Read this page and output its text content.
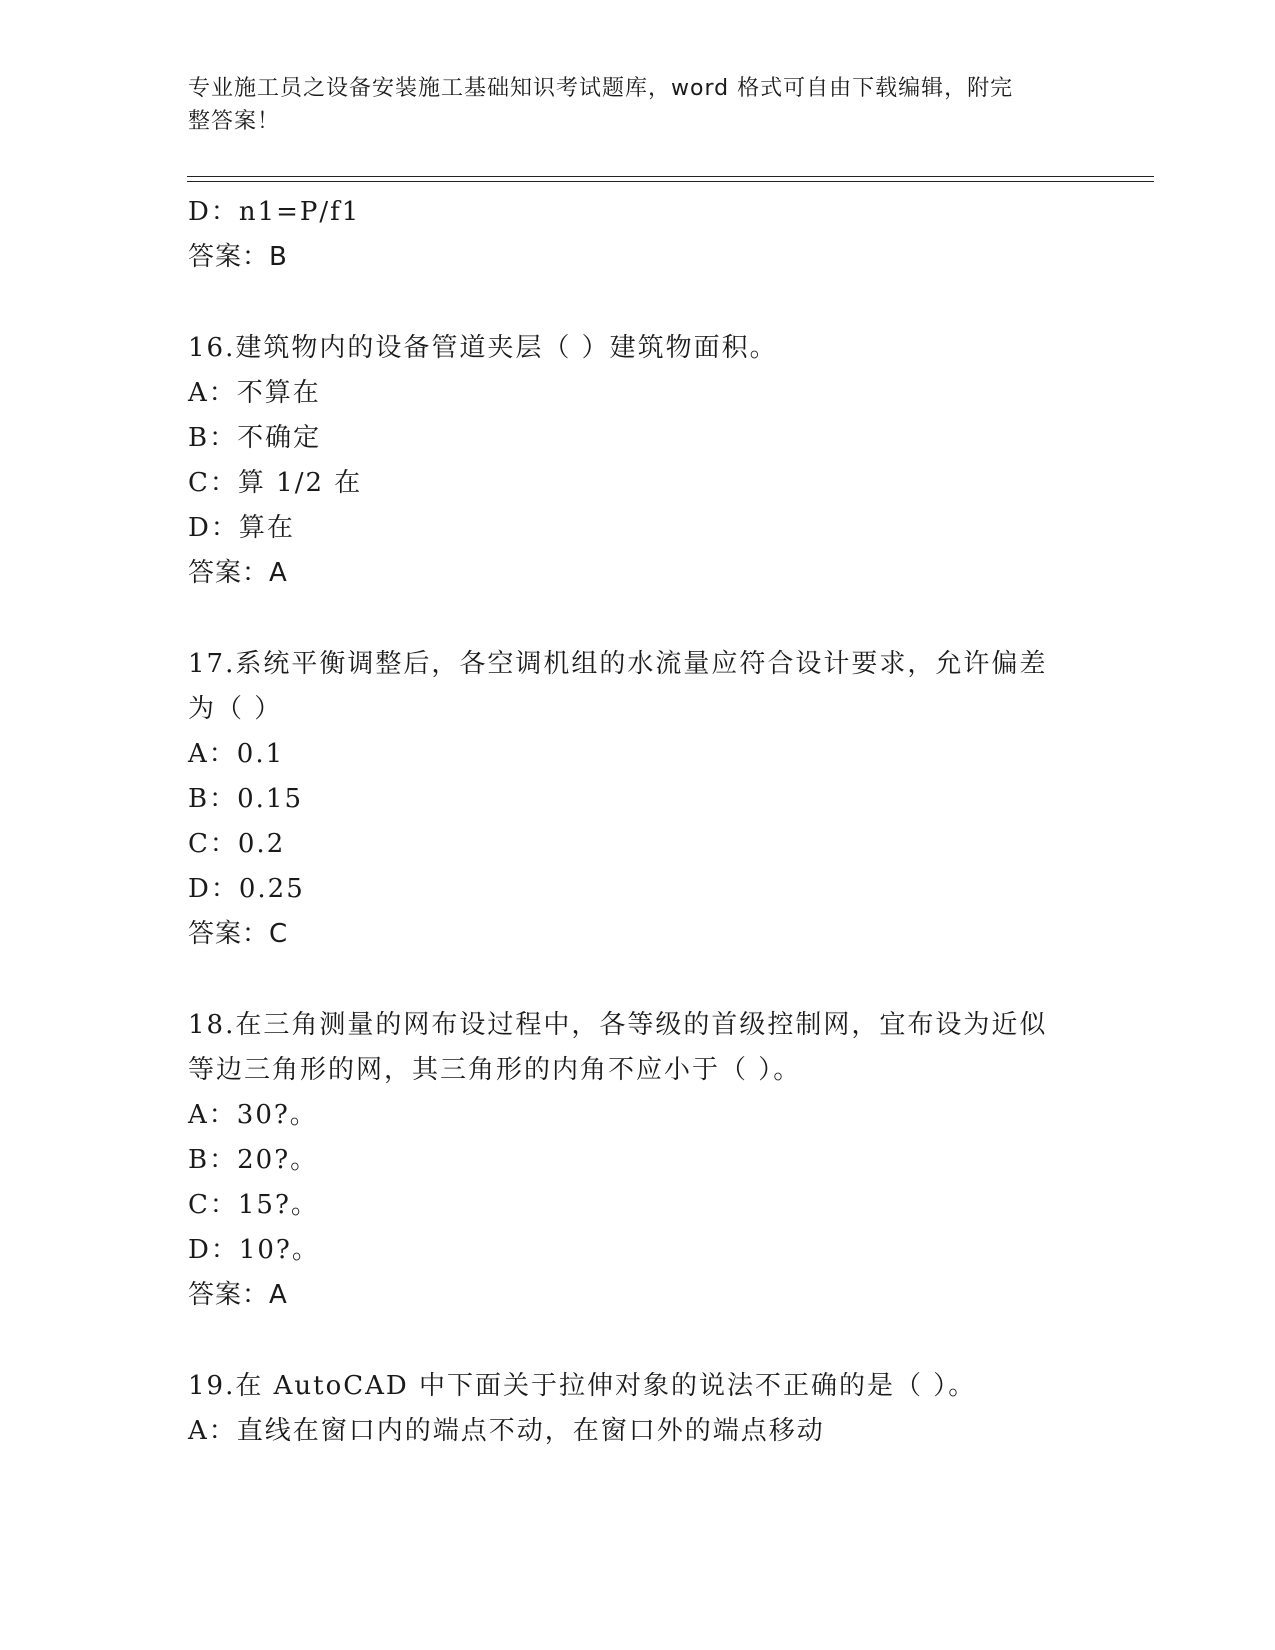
专业施工员之设备安装施工基础知识考试题库，word 格式可自由下载编辑，附完
整答案！
D：n1=P/f1
答案：B
16.建筑物内的设备管道夹层（ ）建筑物面积。
A：不算在
B：不确定
C：算 1/2 在
D：算在
答案：A
17.系统平衡调整后，各空调机组的水流量应符合设计要求，允许偏差
为（ ）
A：0.1
B：0.15
C：0.2
D：0.25
答案：C
18.在三角测量的网布设过程中，各等级的首级控制网，宜布设为近似
等边三角形的网，其三角形的内角不应小于（ ）。
A：30?。
B：20?。
C：15?。
D：10?。
答案：A
19.在 AutoCAD 中下面关于拉伸对象的说法不正确的是（ ）。
A：直线在窗口内的端点不动，在窗口外的端点移动
